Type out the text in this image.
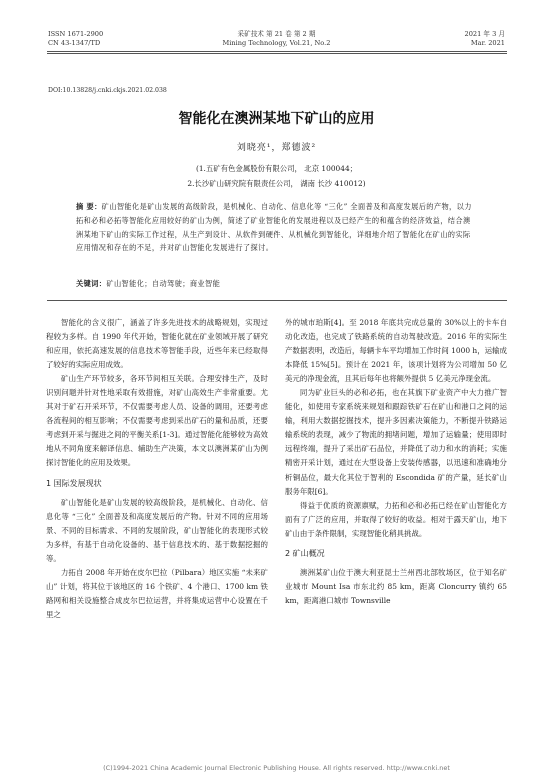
ISSN 1671-2900
CN 43-1347/TD
采矿技术 第 21 卷 第 2 期
Mining Technology, Vol.21, No.2
2021 年 3 月
Mar. 2021
DOI:10.13828/j.cnki.ckjs.2021.02.038
智能化在澳洲某地下矿山的应用
刘晓亮¹，郑德波²
(1.五矿有色金属股份有限公司， 北京 100044；
2.长沙矿山研究院有限责任公司， 湖南 长沙 410012)
摘 要：矿山智能化是矿山发展的高级阶段，是机械化、自动化、信息化等 “三化” 全面普及和高度发展后的产物，以力拓和必和必拓等智能化应用较好的矿山为例，简述了矿业智能化的发展进程以及已经产生的和蕴含的经济效益，结合澳洲某地下矿山的实际工作过程，从生产到设计、从软件到硬件、从机械化到智能化，详细地介绍了智能化在矿山的实际应用情况和存在的不足，并对矿山智能化发展进行了探讨。
关键词：矿山智能化；自动驾驶；商业智能

智能化的含义很广，涵盖了许多先进技术的战略规划，实现过程较为多样。自 1990 年代开始，智能化就在矿业领域开展了研究和应用，依托高速发展的信息技术等智能手段，近些年来已经取得了较好的实际应用成效。

矿山生产环节较多，各环节间相互关联。合理安排生产，及时识别问题并针对性地采取有效措施，对矿山高效生产非常重要。尤其对于矿石开采环节，不仅需要考虑人员、设备的调用，还要考虑各流程间的相互影响；不仅需要考虑到采出矿石的量和品质，还要考虑到开采与掘进之间的平衡关系[1-3]。通过智能化能够较为高效地从不同角度来解译信息、辅助生产决策，本文以澳洲某矿山为例探讨智能化的应用及效果。

1 国际发展现状

矿山智能化是矿山发展的较高级阶段，是机械化、自动化、信息化等 “三化” 全面普及和高度发展后的产物。针对不同的应用场景、不同的目标需求、不同的发展阶段，矿山智能化的表现形式较为多样，有基于自动化设备的、基于信息技术的、基于数据挖掘的等。

力拓自 2008 年开始在皮尔巴拉（Pilbara）地区实施 “未来矿山” 计划，将其位于该地区的 16 个铁矿、4 个港口、1700 km 铁路网和相关设施整合成皮尔巴拉运营，并将集成运营中心设置在千里之

外的城市珀斯[4]。至 2018 年底共完成总量的 30%以上的卡车自动化改造，也完成了铁路系统的自动驾驶改造。2016 年的实际生产数据表明，改造后，每辆卡车平均增加工作时间 1000 h，运输成本降低 15%[5]。预计在 2021 年，该项计划将为公司增加 50 亿美元的净现金流，且其后每年也将额外提供 5 亿美元净现金流。

同为矿业巨头的必和必拓，也在其旗下矿业资产中大力推广智能化，如使用专家系统来规划和跟踪铁矿石在矿山和港口之间的运输，利用大数据挖掘技术，提升多因素决策能力，不断提升铁路运输系统的表现，减少了物流的拥堵问题，增加了运输量；使用即时远程终端，提升了采出矿石品位，并降低了动力和水的消耗；实施精密开采计划，通过在大型设备上安装传感器，以迅速和准确地分析铜品位，最大化其位于智利的 Escondida 矿的产量，延长矿山服务年限[6]。

得益于优质的资源禀赋，力拓和必和必拓已经在矿山智能化方面有了广泛的应用，并取得了较好的收益。相对于露天矿山，地下矿山由于条件限制，实现智能化稍具挑战。

2 矿山概况

澳洲某矿山位于澳大利亚昆士兰州西北部牧场区，位于知名矿业城市 Mount Isa 市东北约 85 km，距离 Cloncurry 镇约 65 km，距离港口城市 Townsville

(C)1994-2021 China Academic Journal Electronic Publishing House. All rights reserved. http://www.cnki.net
